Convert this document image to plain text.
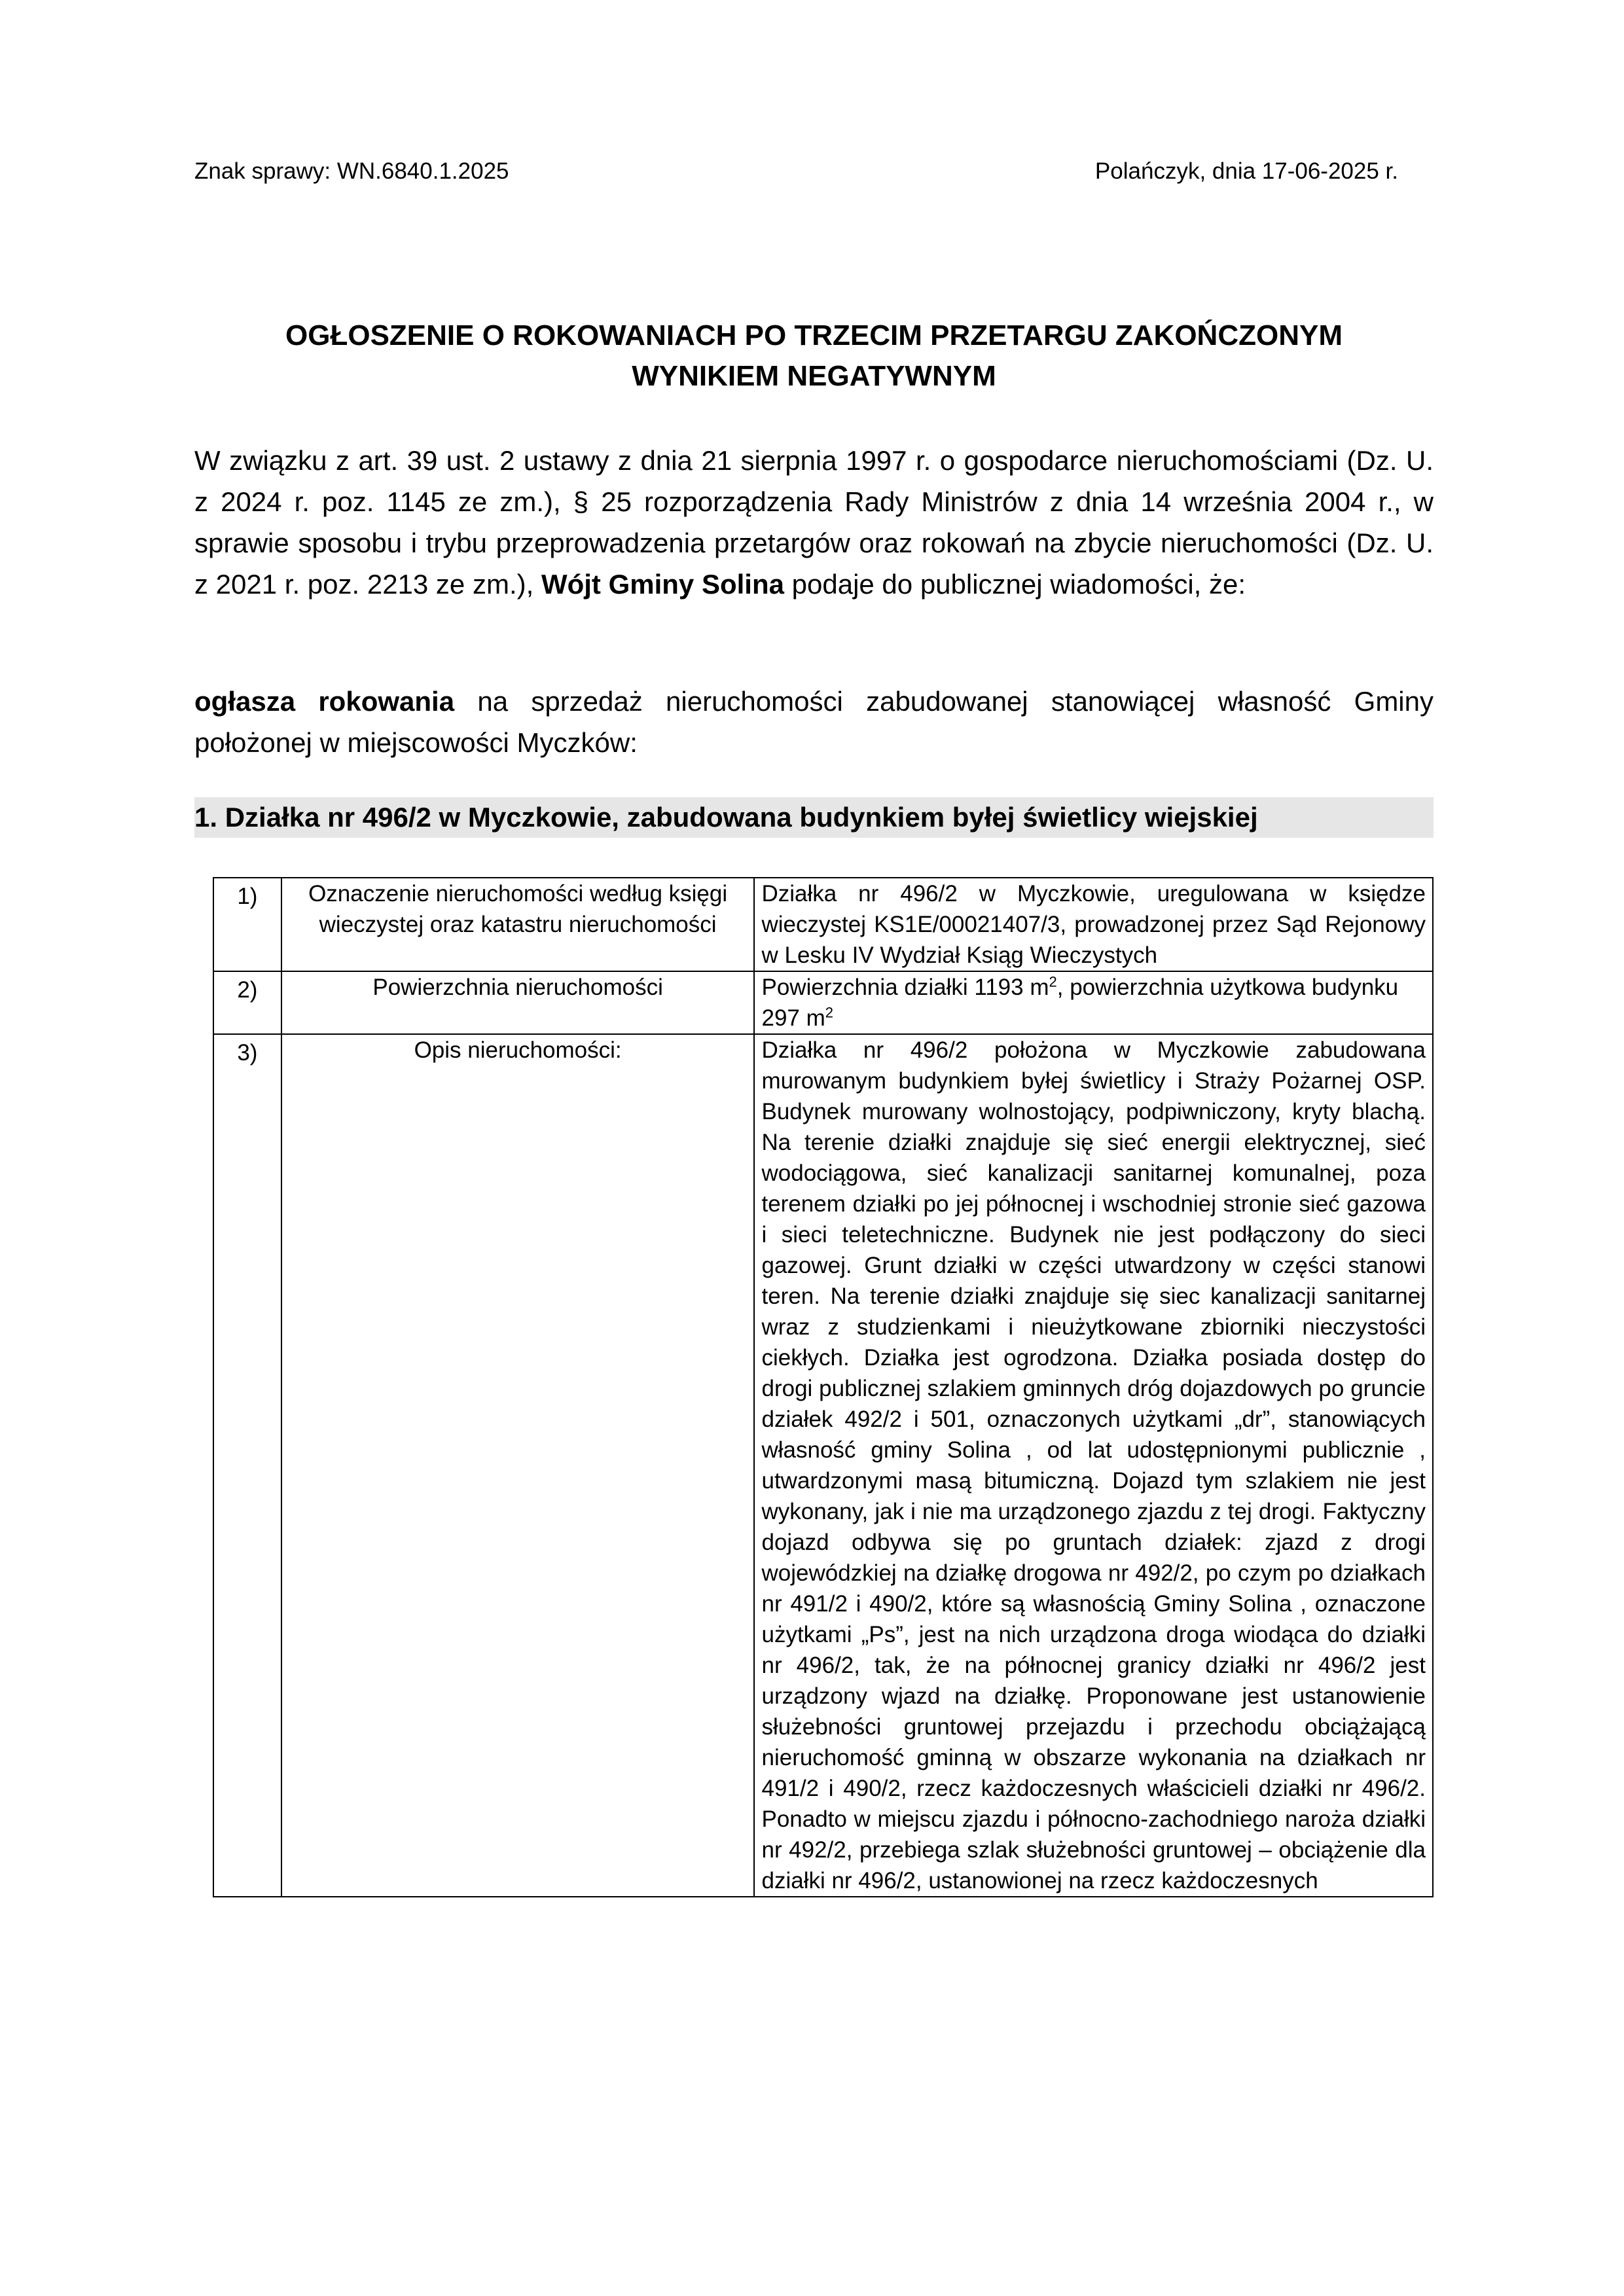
Znak sprawy: WN.6840.1.2025	Polańczyk, dnia 17-06-2025 r.
OGŁOSZENIE O ROKOWANIACH PO TRZECIM PRZETARGU ZAKOŃCZONYM
WYNIKIEM NEGATYWNYM
W związku z art. 39 ust. 2 ustawy z dnia 21 sierpnia 1997 r. o gospodarce nieruchomościami (Dz. U. z 2024 r. poz. 1145 ze zm.), § 25 rozporządzenia Rady Ministrów z dnia 14 września 2004 r., w sprawie sposobu i trybu przeprowadzenia przetargów oraz rokowań na zbycie nieruchomości (Dz. U. z 2021 r. poz. 2213 ze zm.), Wójt Gminy Solina podaje do publicznej wiadomości, że:
ogłasza rokowania na sprzedaż nieruchomości zabudowanej stanowiącej własność Gminy położonej w miejscowości Myczków:
1. Działka nr 496/2 w Myczkowie, zabudowana budynkiem byłej świetlicy wiejskiej
1)	Oznaczenie nieruchomości według księgi wieczystej oraz katastru nieruchomości	Działka nr 496/2 w Myczkowie, uregulowana w księdze wieczystej KS1E/00021407/3, prowadzonej przez Sąd Rejonowy w Lesku IV Wydział Ksiąg Wieczystych
2)	Powierzchnia nieruchomości	Powierzchnia działki 1193 $m^2$, powierzchnia użytkowa budynku 297 $m^2$
3)	Opis nieruchomości:	Działka nr 496/2 położona w Myczkowie zabudowana murowanym budynkiem byłej świetlicy i Straży Pożarnej OSP. Budynek murowany wolnostojący, podpiwniczony, kryty blachą. Na terenie działki znajduje się sieć energii elektrycznej, sieć wodociągowa, sieć kanalizacji sanitarnej komunalnej, poza terenem działki po jej północnej i wschodniej stronie sieć gazowa i sieci teletechniczne. Budynek nie jest podłączony do sieci gazowej. Grunt działki w części utwardzony w części stanowi teren. Na terenie działki znajduje się siec kanalizacji sanitarnej wraz z studzienkami i nieużytkowane zbiorniki nieczystości ciekłych. Działka jest ogrodzona. Działka posiada dostęp do drogi publicznej szlakiem gminnych dróg dojazdowych po gruncie działek 492/2 i 501, oznaczonych użytkami „dr”, stanowiących własność gminy Solina , od lat udostępnionymi publicznie , utwardzonymi masą bitumiczną. Dojazd tym szlakiem nie jest wykonany, jak i nie ma urządzonego zjazdu z tej drogi. Faktyczny dojazd odbywa się po gruntach działek: zjazd z drogi wojewódzkiej na działkę drogowa nr 492/2, po czym po działkach nr 491/2 i 490/2, które są własnością Gminy Solina , oznaczone użytkami „Ps”, jest na nich urządzona droga wiodąca do działki nr 496/2, tak, że na północnej granicy działki nr 496/2 jest urządzony wjazd na działkę. Proponowane jest ustanowienie służebności gruntowej przejazdu i przechodu obciążającą nieruchomość gminną w obszarze wykonania na działkach nr 491/2 i 490/2, rzecz każdoczesnych właścicieli działki nr 496/2. Ponadto w miejscu zjazdu i północno-zachodniego naroża działki nr 492/2, przebiega szlak służebności gruntowej – obciążenie dla działki nr 496/2, ustanowionej na rzecz każdoczesnych
